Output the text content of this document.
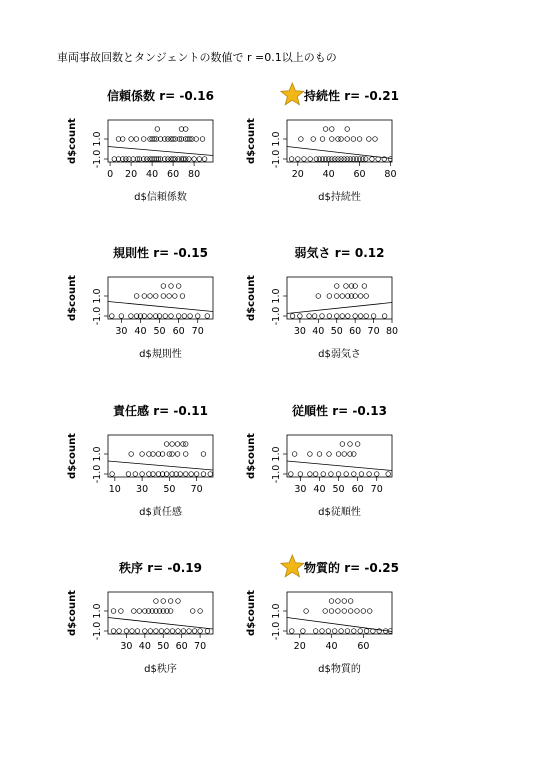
車両事故回数とタンジェントの数値で r =0.1以上のもの
信頼係数 r= -0.16
0 20 40 60 80
-1.0
1.0
d$count
d$信頼係数
持続性 r= -0.21
20 40 60 80
-1.0
1.0
d$count
d$持続性
規則性 r= -0.15
30 40 50 60 70
-1.0
1.0
d$count
d$規則性
弱気さ r= 0.12
30 40 50 60 70 80
-1.0
1.0
d$count
d$弱気さ
責任感 r= -0.11
10 30 50 70
-1.0
1.0
d$count
d$責任感
従順性 r= -0.13
30 40 50 60 70
-1.0
1.0
d$count
d$従順性
秩序 r= -0.19
30 40 50 60 70
-1.0
1.0
d$count
d$秩序
物質的 r= -0.25
20 40 60
-1.0
1.0
d$count
d$物質的
